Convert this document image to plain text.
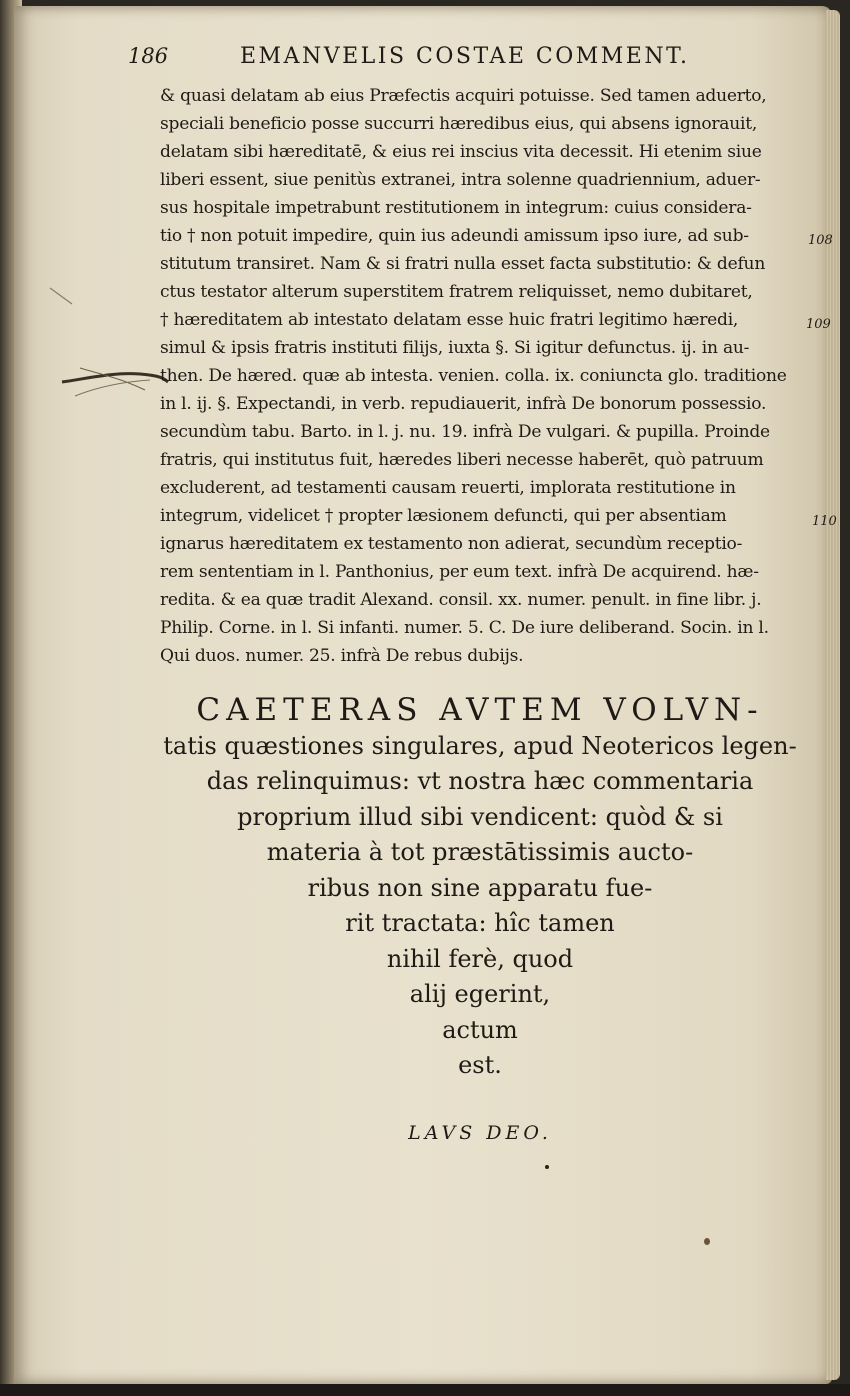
186	EMANVELIS COSTAE COMMENT.
& quasi delatam ab eius Præfectis acquiri potuisse. Sed tamen aduerto,
speciali beneficio posse succurri hæredibus eius, qui absens ignorauit,
delatam sibi hæreditatē, & eius rei inscius vita decessit. Hi etenim siue
liberi essent, siue penitùs extranei, intra solenne quadriennium, aduer-
sus hospitale impetrabunt restitutionem in integrum: cuius considera-
tio † non potuit impedire, quin ius adeundi amissum ipso iure, ad sub-
stitutum transiret. Nam & si fratri nulla esset facta substitutio: & defun
ctus testator alterum superstitem fratrem reliquisset, nemo dubitaret,
† hæreditatem ab intestato delatam esse huic fratri legitimo hæredi,
simul & ipsis fratris instituti filijs, iuxta §. Si igitur defunctus. ij. in au-
then. De hæred. quæ ab intesta. venien. colla. ix. coniuncta glo. traditione
in l. ij. §. Expectandi, in verb. repudiauerit, infrà De bonorum possessio.
secundùm tabu. Barto. in l. j. nu. 19. infrà De vulgari. & pupilla. Proinde
fratris, qui institutus fuit, hæredes liberi necesse haberēt, quò patruum
excluderent, ad testamenti causam reuerti, implorata restitutione in
integrum, videlicet † propter læsionem defuncti, qui per absentiam
ignarus hæreditatem ex testamento non adierat, secundùm receptio-
rem sententiam in l. Panthonius, per eum text. infrà De acquirend. hæ-
redita. & ea quæ tradit Alexand. consil. xx. numer. penult. in fine libr. j.
Philip. Corne. in l. Si infanti. numer. 5. C. De iure deliberand. Socin. in l.
Qui duos. numer. 25. infrà De rebus dubijs.
108
109
110
CAETERAS AVTEM VOLVN-
tatis quæstiones singulares, apud Neotericos legen-
das relinquimus: vt nostra hæc commentaria
proprium illud sibi vendicent: quòd & si
materia à tot præstātissimis aucto-
ribus non sine apparatu fue-
rit tractata: hîc tamen
nihil ferè, quod
alij egerint,
actum
est.
LAVS DEO.
